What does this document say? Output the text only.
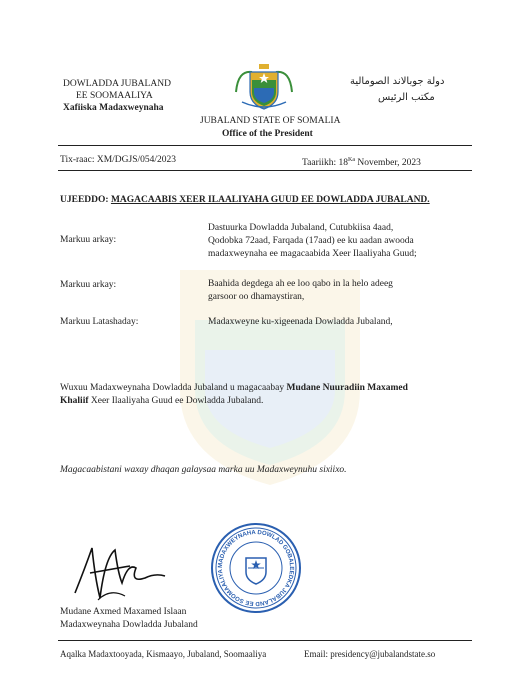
DOWLADDA JUBALAND
EE SOOMAALIYA
Xafiiska Madaxweynaha
JUBALAND STATE OF SOMALIA
Office of the President
دولة جوبالاند الصومالية
مكتب الرئيس
Tix-raac: XM/DGJS/054/2023	Taariikh: $18^{Ka}$ November, 2023
UJEEDDO: MAGACAABIS XEER ILAALIYAHA GUUD EE DOWLADDA JUBALAND.
Markuu arkay:
Dastuurka Dowladda Jubaland, Cutubkiisa 4aad,
Qodobka 72aad, Farqada (17aad) ee ku aadan awooda
madaxweynaha ee magacaabida Xeer Ilaaliyaha Guud;
Markuu arkay:	Baahida degdega ah ee loo qabo in la helo adeeg
garsoor oo dhamaystiran,
Markuu Latashaday:	Madaxweyne ku-xigeenada Dowladda Jubaland,
Wuxuu Madaxweynaha Dowladda Jubaland u magacaabay Mudane Nuuradiin Maxamed
Khaliif Xeer Ilaaliyaha Guud ee Dowladda Jubaland.
Magacaabistani waxay dhaqan galaysaa marka uu Madaxweynuhu sixiixo.
MADAXWEYNAHA DOWLAD GOBALEEDKA JUBALAND EE SOOMAALIYA
Mudane Axmed Maxamed Islaan
Madaxweynaha Dowladda Jubaland
Aqalka Madaxtooyada, Kismaayo, Jubaland, Soomaaliya	Email: presidency@jubalandstate.so
